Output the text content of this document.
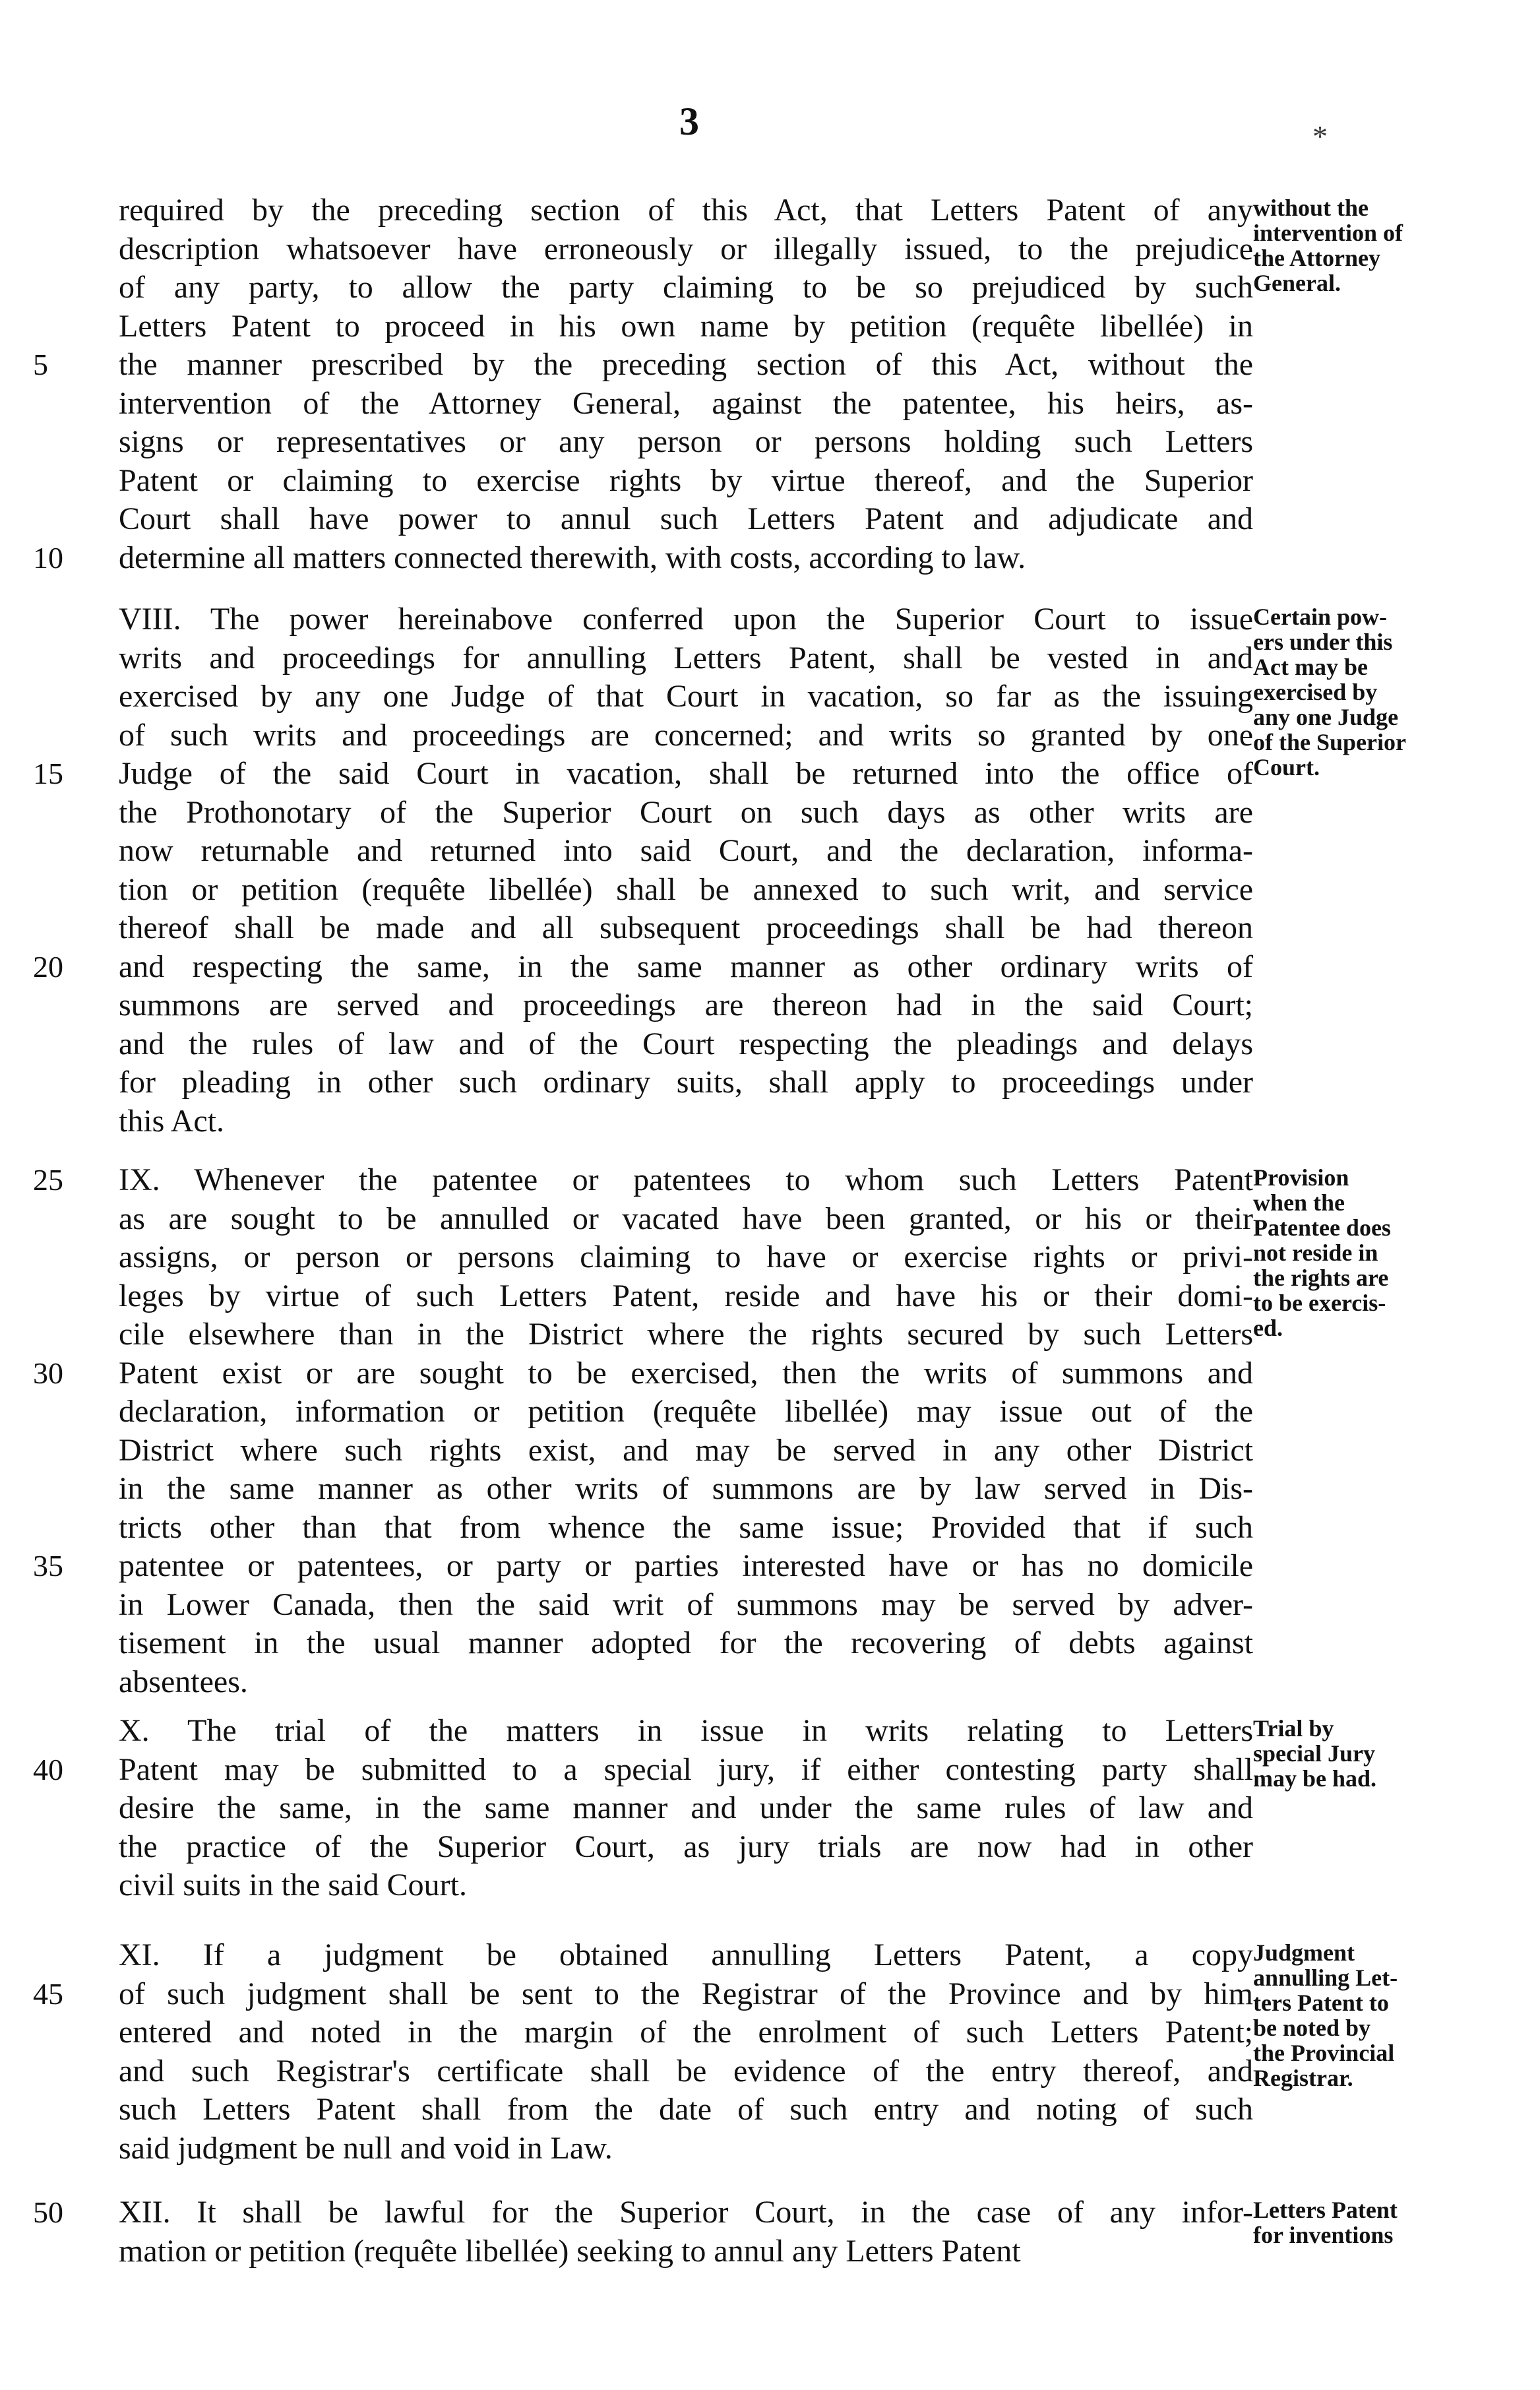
3	*
required by the preceding section of this Act, that Letters Patent of any
description whatsoever have erroneously or illegally issued, to the prejudice
of any party, to allow the party claiming to be so prejudiced by such
Letters Patent to proceed in his own name by petition (requête libellée) in
5	the manner prescribed by the preceding section of this Act, without the
intervention of the Attorney General, against the patentee, his heirs, as-
signs or representatives or any person or persons holding such Letters
Patent or claiming to exercise rights by virtue thereof, and the Superior
Court shall have power to annul such Letters Patent and adjudicate and
10	determine all matters connected therewith, with costs, according to law.
without the
intervention of
the Attorney
General.
VIII. The power hereinabove conferred upon the Superior Court to issue
writs and proceedings for annulling Letters Patent, shall be vested in and
exercised by any one Judge of that Court in vacation, so far as the issuing
of such writs and proceedings are concerned; and writs so granted by one
15	Judge of the said Court in vacation, shall be returned into the office of
the Prothonotary of the Superior Court on such days as other writs are
now returnable and returned into said Court, and the declaration, informa-
tion or petition (requête libellée) shall be annexed to such writ, and service
thereof shall be made and all subsequent proceedings shall be had thereon
20	and respecting the same, in the same manner as other ordinary writs of
summons are served and proceedings are thereon had in the said Court;
and the rules of law and of the Court respecting the pleadings and delays
for pleading in other such ordinary suits, shall apply to proceedings under
this Act.
Certain pow-
ers under this
Act may be
exercised by
any one Judge
of the Superior
Court.
25	IX. Whenever the patentee or patentees to whom such Letters Patent
as are sought to be annulled or vacated have been granted, or his or their
assigns, or person or persons claiming to have or exercise rights or privi-
leges by virtue of such Letters Patent, reside and have his or their domi-
cile elsewhere than in the District where the rights secured by such Letters
30	Patent exist or are sought to be exercised, then the writs of summons and
declaration, information or petition (requête libellée) may issue out of the
District where such rights exist, and may be served in any other District
in the same manner as other writs of summons are by law served in Dis-
tricts other than that from whence the same issue; Provided that if such
35	patentee or patentees, or party or parties interested have or has no domicile
in Lower Canada, then the said writ of summons may be served by adver-
tisement in the usual manner adopted for the recovering of debts against
absentees.
Provision
when the
Patentee does
not reside in
the rights are
to be exercis-
ed.
X. The trial of the matters in issue in writs relating to Letters
40	Patent may be submitted to a special jury, if either contesting party shall
desire the same, in the same manner and under the same rules of law and
the practice of the Superior Court, as jury trials are now had in other
civil suits in the said Court.
Trial by
special Jury
may be had.
XI. If a judgment be obtained annulling Letters Patent, a copy
45	of such judgment shall be sent to the Registrar of the Province and by him
entered and noted in the margin of the enrolment of such Letters Patent;
and such Registrar's certificate shall be evidence of the entry thereof, and
such Letters Patent shall from the date of such entry and noting of such
said judgment be null and void in Law.
Judgment
annulling Let-
ters Patent to
be noted by
the Provincial
Registrar.
50	XII. It shall be lawful for the Superior Court, in the case of any infor-
mation or petition (requête libellée) seeking to annul any Letters Patent
Letters Patent
for inventions
